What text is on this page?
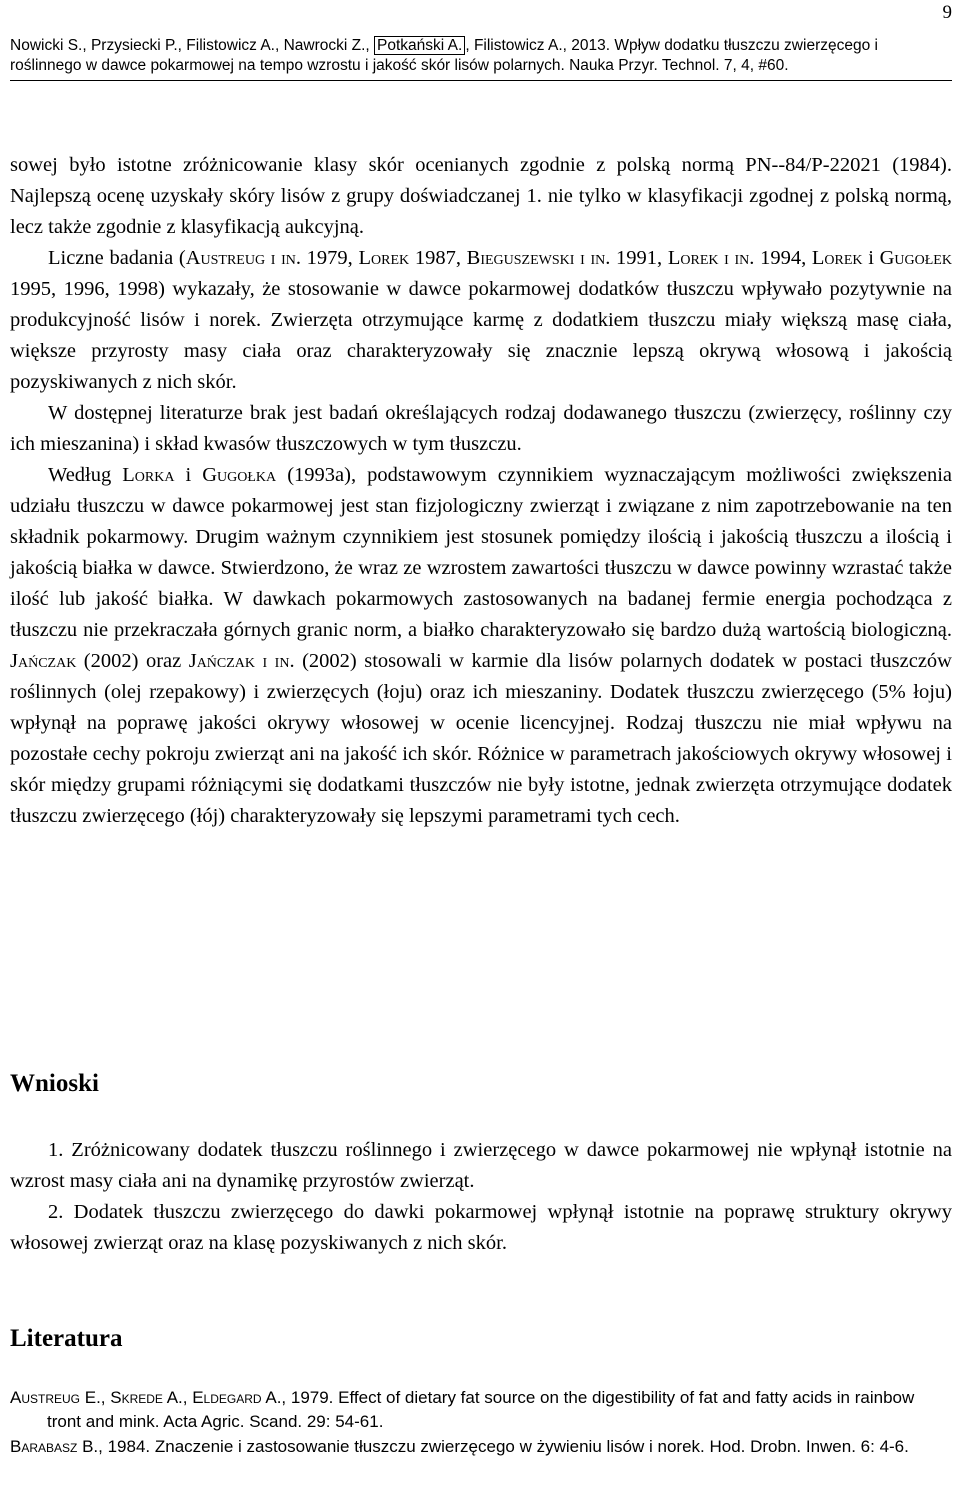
9
Nowicki S., Przysiecki P., Filistowicz A., Nawrocki Z., Potkański A. , Filistowicz A., 2013. Wpływ dodatku tłuszczu zwierzęcego i roślinnego w dawce pokarmowej na tempo wzrostu i jakość skór lisów polarnych. Nauka Przyr. Technol. 7, 4, #60.

sowej było istotne zróżnicowanie klasy skór ocenianych zgodnie z polską normą PN--84/P-22021 (1984). Najlepszą ocenę uzyskały skóry lisów z grupy doświadczanej 1. nie tylko w klasyfikacji zgodnej z polską normą, lecz także zgodnie z klasyfikacją aukcyjną.

Liczne badania (Austreug i in. 1979, Lorek 1987, Bieguszewski i in. 1991, Lorek i in. 1994, Lorek i Gugołek 1995, 1996, 1998) wykazały, że stosowanie w dawce pokarmowej dodatków tłuszczu wpływało pozytywnie na produkcyjność lisów i norek. Zwierzęta otrzymujące karmę z dodatkiem tłuszczu miały większą masę ciała, większe przyrosty masy ciała oraz charakteryzowały się znacznie lepszą okrywą włosową i jakością pozyskiwanych z nich skór.

W dostępnej literaturze brak jest badań określających rodzaj dodawanego tłuszczu (zwierzęcy, roślinny czy ich mieszanina) i skład kwasów tłuszczowych w tym tłuszczu.

Według Lorka i Gugołka (1993a), podstawowym czynnikiem wyznaczającym możliwości zwiększenia udziału tłuszczu w dawce pokarmowej jest stan fizjologiczny zwierząt i związane z nim zapotrzebowanie na ten składnik pokarmowy. Drugim ważnym czynnikiem jest stosunek pomiędzy ilością i jakością tłuszczu a ilością i jakością białka w dawce. Stwierdzono, że wraz ze wzrostem zawartości tłuszczu w dawce powinny wzrastać także ilość lub jakość białka. W dawkach pokarmowych zastosowanych na badanej fermie energia pochodząca z tłuszczu nie przekraczała górnych granic norm, a białko charakteryzowało się bardzo dużą wartością biologiczną. Jańczak (2002) oraz Jańczak i in. (2002) stosowali w karmie dla lisów polarnych dodatek w postaci tłuszczów roślinnych (olej rzepakowy) i zwierzęcych (łoju) oraz ich mieszaniny. Dodatek tłuszczu zwierzęcego (5% łoju) wpłynął na poprawę jakości okrywy włosowej w ocenie licencyjnej. Rodzaj tłuszczu nie miał wpływu na pozostałe cechy pokroju zwierząt ani na jakość ich skór. Różnice w parametrach jakościowych okrywy włosowej i skór między grupami różniącymi się dodatkami tłuszczów nie były istotne, jednak zwierzęta otrzymujące dodatek tłuszczu zwierzęcego (łój) charakteryzowały się lepszymi parametrami tych cech.

Wnioski

1. Zróżnicowany dodatek tłuszczu roślinnego i zwierzęcego w dawce pokarmowej nie wpłynął istotnie na wzrost masy ciała ani na dynamikę przyrostów zwierząt.

2. Dodatek tłuszczu zwierzęcego do dawki pokarmowej wpłynął istotnie na poprawę struktury okrywy włosowej zwierząt oraz na klasę pozyskiwanych z nich skór.

Literatura

Austreug E., Skrede A., Eldegard A., 1979. Effect of dietary fat source on the digestibility of fat and fatty acids in rainbow tront and mink. Acta Agric. Scand. 29: 54-61.

Barabasz B., 1984. Znaczenie i zastosowanie tłuszczu zwierzęcego w żywieniu lisów i norek. Hod. Drobn. Inwen. 6: 4-6.
